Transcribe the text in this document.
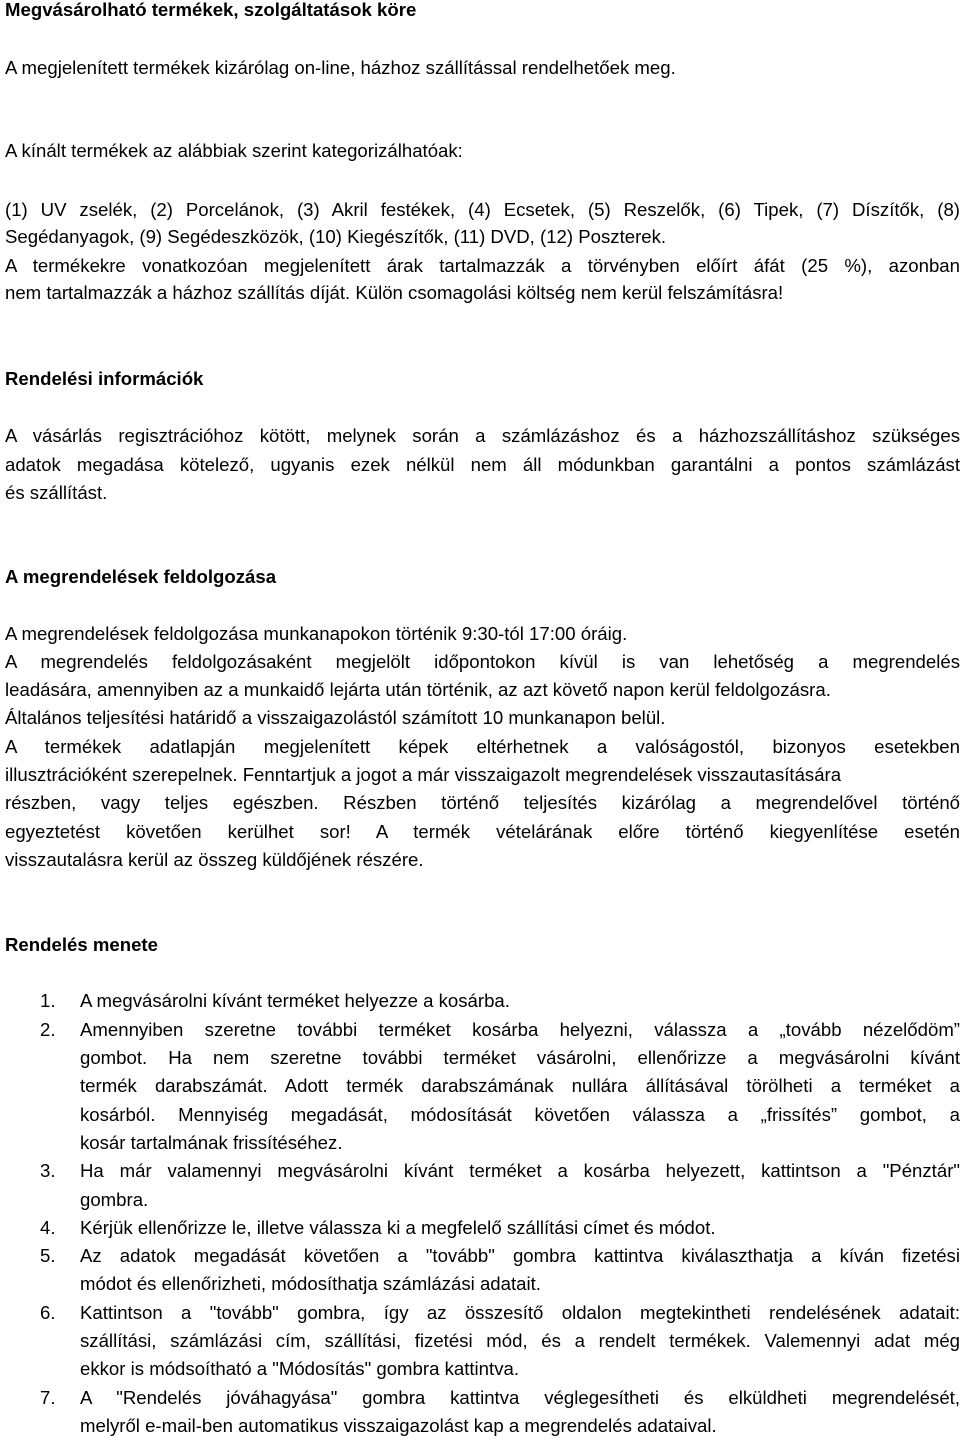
Megvásárolható termékek, szolgáltatások köre
A megjelenített termékek kizárólag on-line, házhoz szállítással rendelhetőek meg.
A kínált termékek az alábbiak szerint kategorizálhatóak:
(1) UV zselék, (2) Porcelánok, (3) Akril festékek, (4) Ecsetek, (5) Reszelők, (6) Tipek, (7) Díszítők, (8)
Segédanyagok, (9) Segédeszközök, (10) Kiegészítők, (11) DVD, (12) Poszterek.
A termékekre vonatkozóan megjelenített árak tartalmazzák a törvényben előírt áfát (25 %), azonban
nem tartalmazzák a házhoz szállítás díját. Külön csomagolási költség nem kerül felszámításra!
Rendelési információk
A vásárlás regisztrációhoz kötött, melynek során a számlázáshoz és a házhozszállításhoz szükséges
adatok megadása kötelező, ugyanis ezek nélkül nem áll módunkban garantálni a pontos számlázást
és szállítást.
A megrendelések feldolgozása
A megrendelések feldolgozása munkanapokon történik 9:30-tól 17:00 óráig.
A megrendelés feldolgozásaként megjelölt időpontokon kívül is van lehetőség a megrendelés
leadására, amennyiben az a munkaidő lejárta után történik, az azt követő napon kerül feldolgozásra.
Általános teljesítési határidő a visszaigazolástól számított 10 munkanapon belül.
A termékek adatlapján megjelenített képek eltérhetnek a valóságostól, bizonyos esetekben
illusztrációként szerepelnek. Fenntartjuk a jogot a már visszaigazolt megrendelések visszautasítására
részben, vagy teljes egészben. Részben történő teljesítés kizárólag a megrendelővel történő
egyeztetést követően kerülhet sor! A termék vételárának előre történő kiegyenlítése esetén
visszautalásra kerül az összeg küldőjének részére.
Rendelés menete
1. A megvásárolni kívánt terméket helyezze a kosárba.
2. Amennyiben szeretne további terméket kosárba helyezni, válassza a „tovább nézelődöm”
gombot. Ha nem szeretne további terméket vásárolni, ellenőrizze a megvásárolni kívánt
termék darabszámát. Adott termék darabszámának nullára állításával törölheti a terméket a
kosárból. Mennyiség megadását, módosítását követően válassza a „frissítés” gombot, a
kosár tartalmának frissítéséhez.
3. Ha már valamennyi megvásárolni kívánt terméket a kosárba helyezett, kattintson a "Pénztár"
gombra.
4. Kérjük ellenőrizze le, illetve válassza ki a megfelelő szállítási címet és módot.
5. Az adatok megadását követően a "tovább" gombra kattintva kiválaszthatja a kíván fizetési
módot és ellenőrizheti, módosíthatja számlázási adatait.
6. Kattintson a "tovább" gombra, így az összesítő oldalon megtekintheti rendelésének adatait:
szállítási, számlázási cím, szállítási, fizetési mód, és a rendelt termékek. Valemennyi adat még
ekkor is módsoítható a "Módosítás" gombra kattintva.
7. A "Rendelés jóváhagyása" gombra kattintva véglegesítheti és elküldheti megrendelését,
melyről e-mail-ben automatikus visszaigazolást kap a megrendelés adataival.
